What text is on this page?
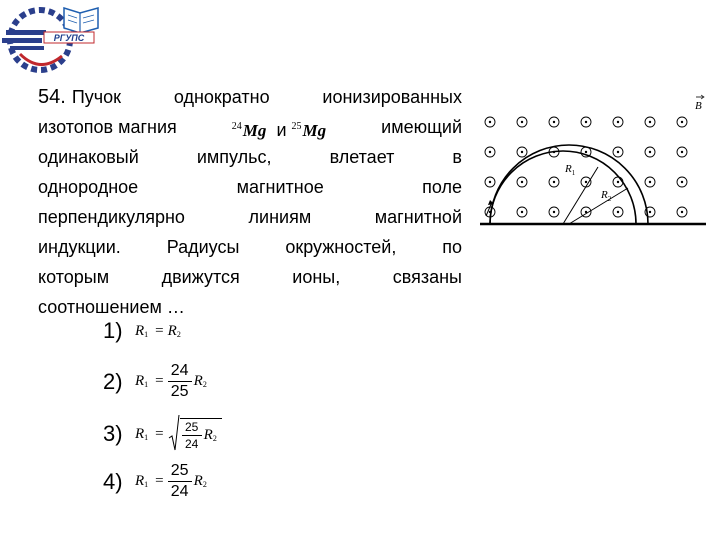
РГУПС
54. Пучок	однократно	ионизированных
изотопов магния	$^{24}$Mg и $^{25}$Mg	имеющий
одинаковый	импульс,	влетает	в
однородное	магнитное	поле
перпендикулярно	линиям	магнитной
индукции.	Радиусы	окружностей,	по
которым	движутся	ионы,	связаны
соотношением …
$R_1$
$R_2$
B
1) $R_1 = R_2$
2) $R_1 = \frac{24}{25} R_2$
3) $R_1 = \frac{25}{24} R_2$
4) $R_1 = \frac{25}{24} R_2$
